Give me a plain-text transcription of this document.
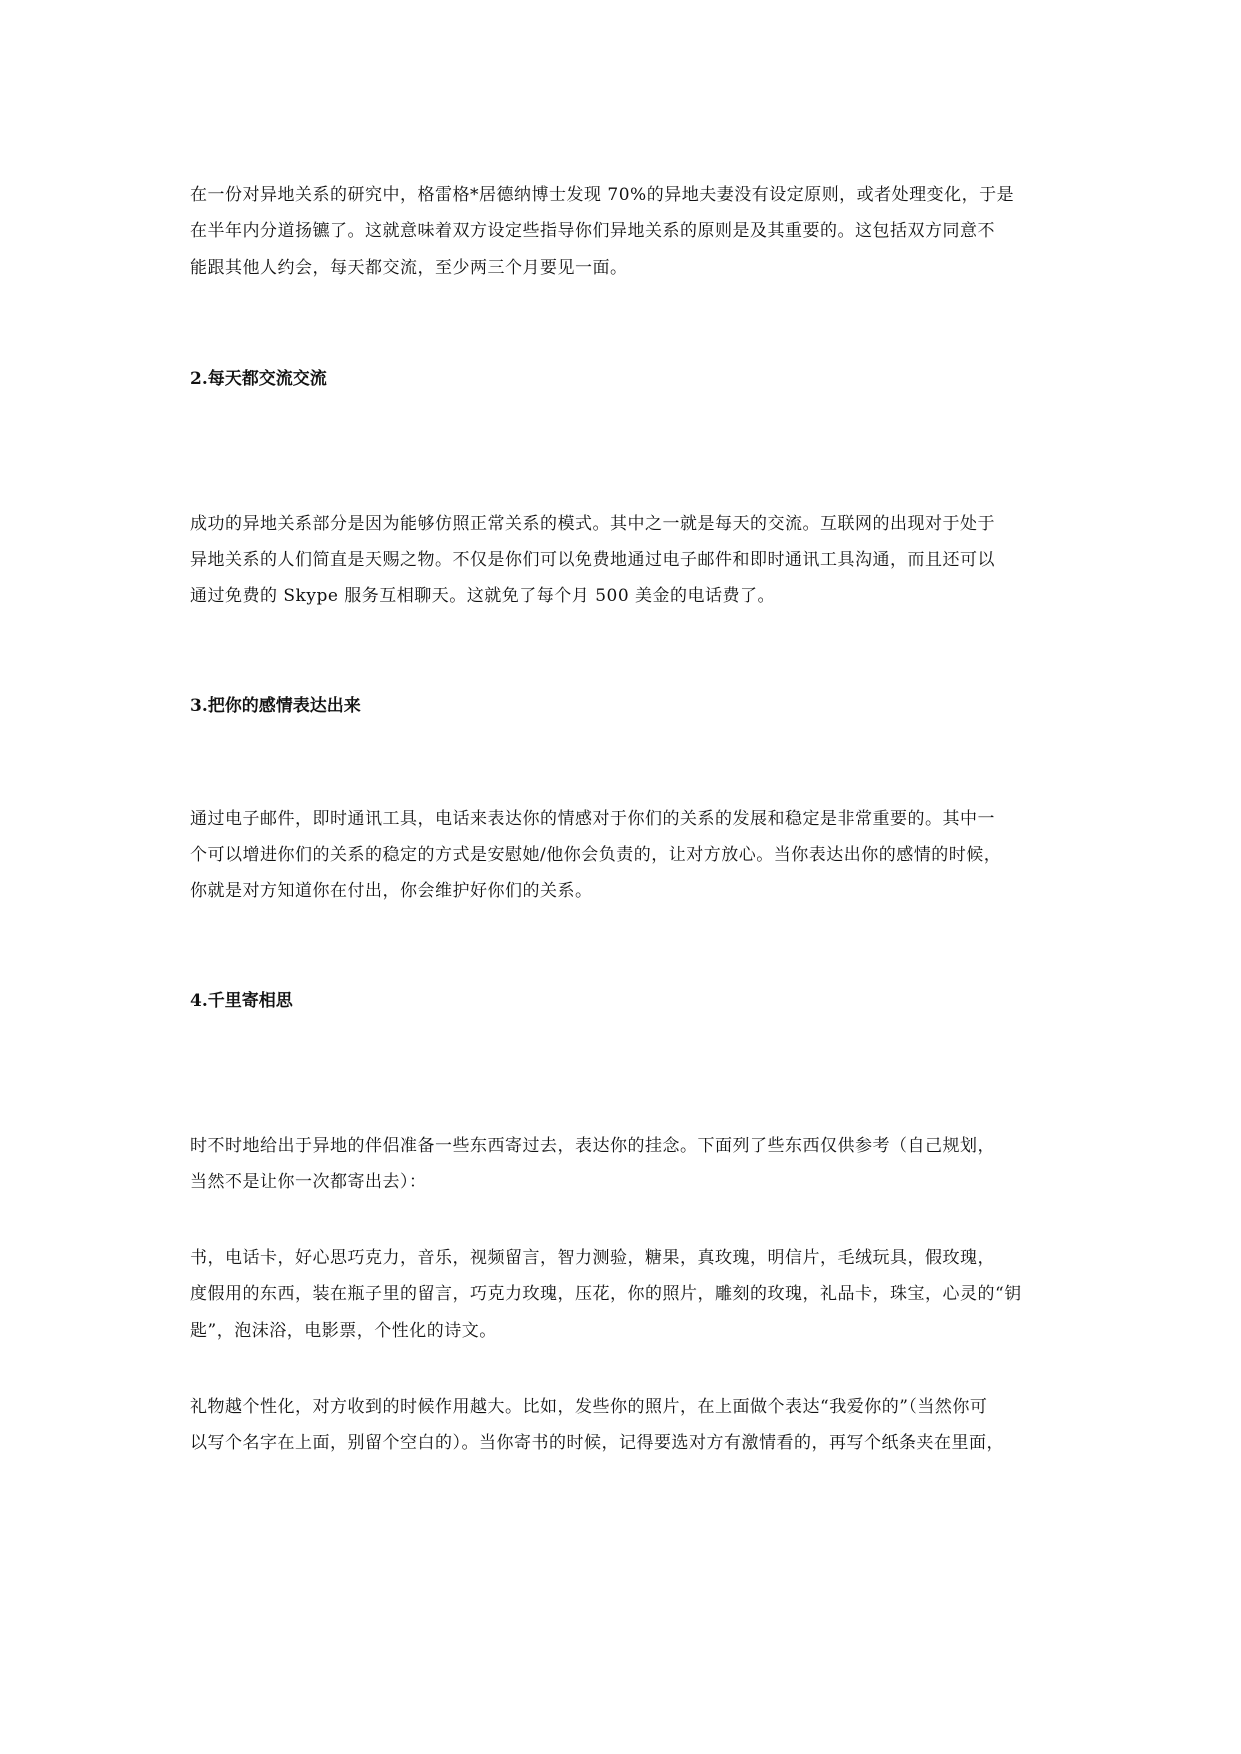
在一份对异地关系的研究中，格雷格*居德纳博士发现 70%的异地夫妻没有设定原则，或者处理变化，于是
在半年内分道扬镳了。这就意味着双方设定些指导你们异地关系的原则是及其重要的。这包括双方同意不
能跟其他人约会，每天都交流，至少两三个月要见一面。
2.每天都交流交流
成功的异地关系部分是因为能够仿照正常关系的模式。其中之一就是每天的交流。互联网的出现对于处于
异地关系的人们简直是天赐之物。不仅是你们可以免费地通过电子邮件和即时通讯工具沟通，而且还可以
通过免费的 Skype 服务互相聊天。这就免了每个月 500 美金的电话费了。
3.把你的感情表达出来
通过电子邮件，即时通讯工具，电话来表达你的情感对于你们的关系的发展和稳定是非常重要的。其中一
个可以增进你们的关系的稳定的方式是安慰她/他你会负责的，让对方放心。当你表达出你的感情的时候，
你就是对方知道你在付出，你会维护好你们的关系。
4.千里寄相思
时不时地给出于异地的伴侣准备一些东西寄过去，表达你的挂念。下面列了些东西仅供参考（自己规划，
当然不是让你一次都寄出去）：
书，电话卡，好心思巧克力，音乐，视频留言，智力测验，糖果，真玫瑰，明信片，毛绒玩具，假玫瑰，
度假用的东西，装在瓶子里的留言，巧克力玫瑰，压花，你的照片，雕刻的玫瑰，礼品卡，珠宝，心灵的“钥
匙”，泡沫浴，电影票，个性化的诗文。
礼物越个性化，对方收到的时候作用越大。比如，发些你的照片，在上面做个表达“我爱你的”（当然你可
以写个名字在上面，别留个空白的）。当你寄书的时候，记得要选对方有激情看的，再写个纸条夹在里面，
